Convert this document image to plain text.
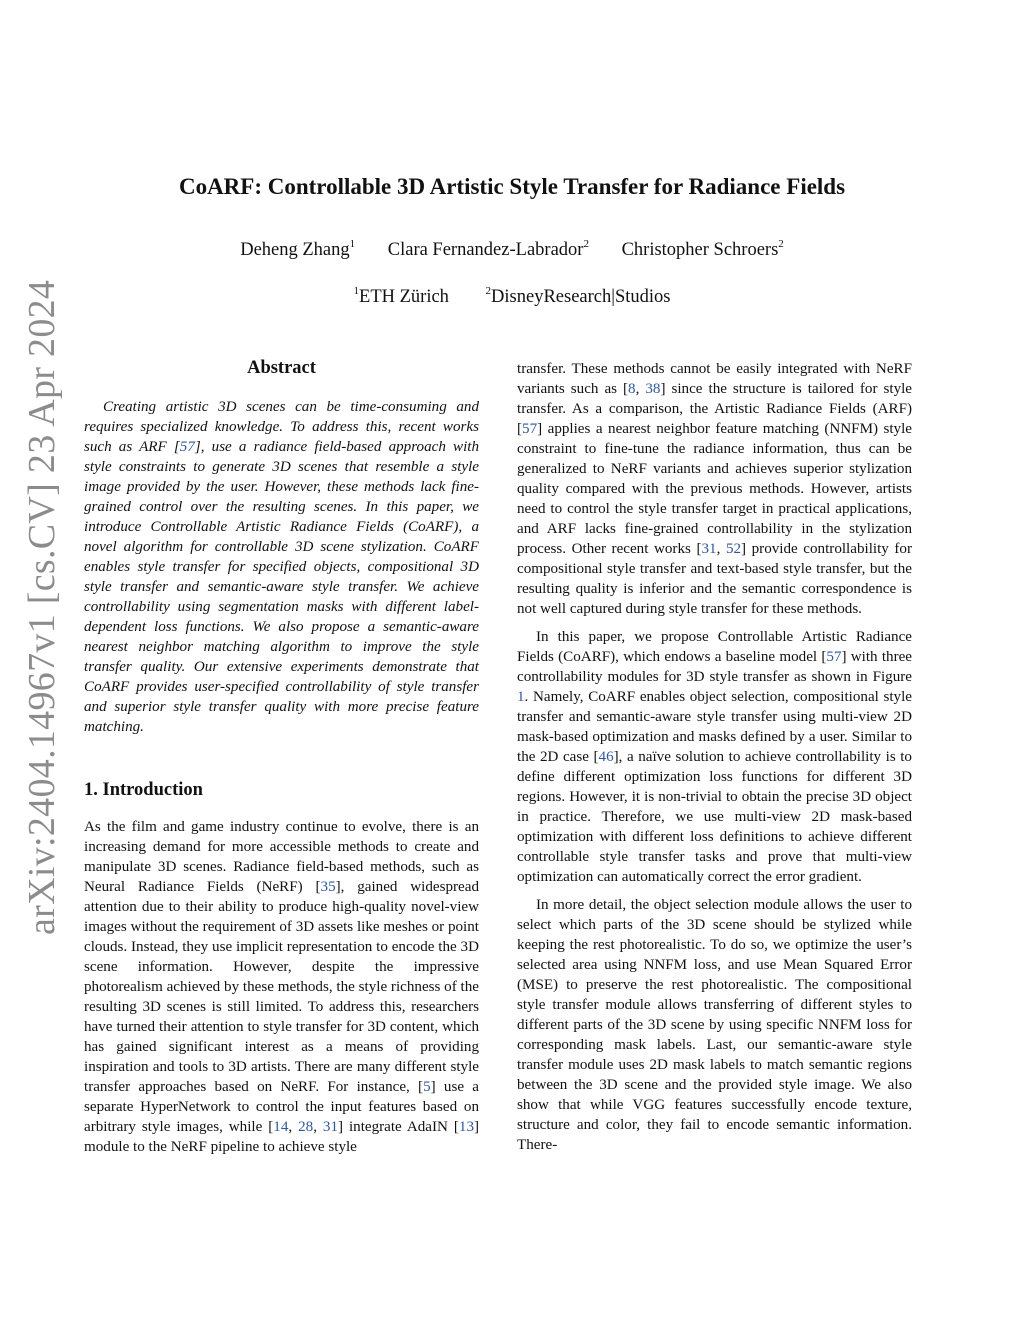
arXiv:2404.14967v1 [cs.CV] 23 Apr 2024
CoARF: Controllable 3D Artistic Style Transfer for Radiance Fields
Deheng Zhang$^1$ Clara Fernandez-Labrador$^2$ Christopher Schroers$^2$
$^1$ETH Zürich	$^2$DisneyResearch|Studios
Abstract

Creating artistic 3D scenes can be time-consuming and requires specialized knowledge. To address this, recent works such as ARF [57], use a radiance field-based approach with style constraints to generate 3D scenes that resemble a style image provided by the user. However, these methods lack fine-grained control over the resulting scenes. In this paper, we introduce Controllable Artistic Radiance Fields (CoARF), a novel algorithm for controllable 3D scene stylization. CoARF enables style transfer for specified objects, compositional 3D style transfer and semantic-aware style transfer. We achieve controllability using segmentation masks with different label-dependent loss functions. We also propose a semantic-aware nearest neighbor matching algorithm to improve the style transfer quality. Our extensive experiments demonstrate that CoARF provides user-specified controllability of style transfer and superior style transfer quality with more precise feature matching.

1. Introduction

As the film and game industry continue to evolve, there is an increasing demand for more accessible methods to create and manipulate 3D scenes. Radiance field-based methods, such as Neural Radiance Fields (NeRF) [35], gained widespread attention due to their ability to produce high-quality novel-view images without the requirement of 3D assets like meshes or point clouds. Instead, they use implicit representation to encode the 3D scene information. However, despite the impressive photorealism achieved by these methods, the style richness of the resulting 3D scenes is still limited. To address this, researchers have turned their attention to style transfer for 3D content, which has gained significant interest as a means of providing inspiration and tools to 3D artists. There are many different style transfer approaches based on NeRF. For instance, [5] use a separate HyperNetwork to control the input features based on arbitrary style images, while [14, 28, 31] integrate AdaIN [13] module to the NeRF pipeline to achieve style

transfer. These methods cannot be easily integrated with NeRF variants such as [8, 38] since the structure is tailored for style transfer. As a comparison, the Artistic Radiance Fields (ARF) [57] applies a nearest neighbor feature matching (NNFM) style constraint to fine-tune the radiance information, thus can be generalized to NeRF variants and achieves superior stylization quality compared with the previous methods. However, artists need to control the style transfer target in practical applications, and ARF lacks fine-grained controllability in the stylization process. Other recent works [31, 52] provide controllability for compositional style transfer and text-based style transfer, but the resulting quality is inferior and the semantic correspondence is not well captured during style transfer for these methods.

In this paper, we propose Controllable Artistic Radiance Fields (CoARF), which endows a baseline model [57] with three controllability modules for 3D style transfer as shown in Figure 1. Namely, CoARF enables object selection, compositional style transfer and semantic-aware style transfer using multi-view 2D mask-based optimization and masks defined by a user. Similar to the 2D case [46], a naïve solution to achieve controllability is to define different optimization loss functions for different 3D regions. However, it is non-trivial to obtain the precise 3D object in practice. Therefore, we use multi-view 2D mask-based optimization with different loss definitions to achieve different controllable style transfer tasks and prove that multi-view optimization can automatically correct the error gradient.

In more detail, the object selection module allows the user to select which parts of the 3D scene should be stylized while keeping the rest photorealistic. To do so, we optimize the user’s selected area using NNFM loss, and use Mean Squared Error (MSE) to preserve the rest photorealistic. The compositional style transfer module allows transferring of different styles to different parts of the 3D scene by using specific NNFM loss for corresponding mask labels. Last, our semantic-aware style transfer module uses 2D mask labels to match semantic regions between the 3D scene and the provided style image. We also show that while VGG features successfully encode texture, structure and color, they fail to encode semantic information. There-
